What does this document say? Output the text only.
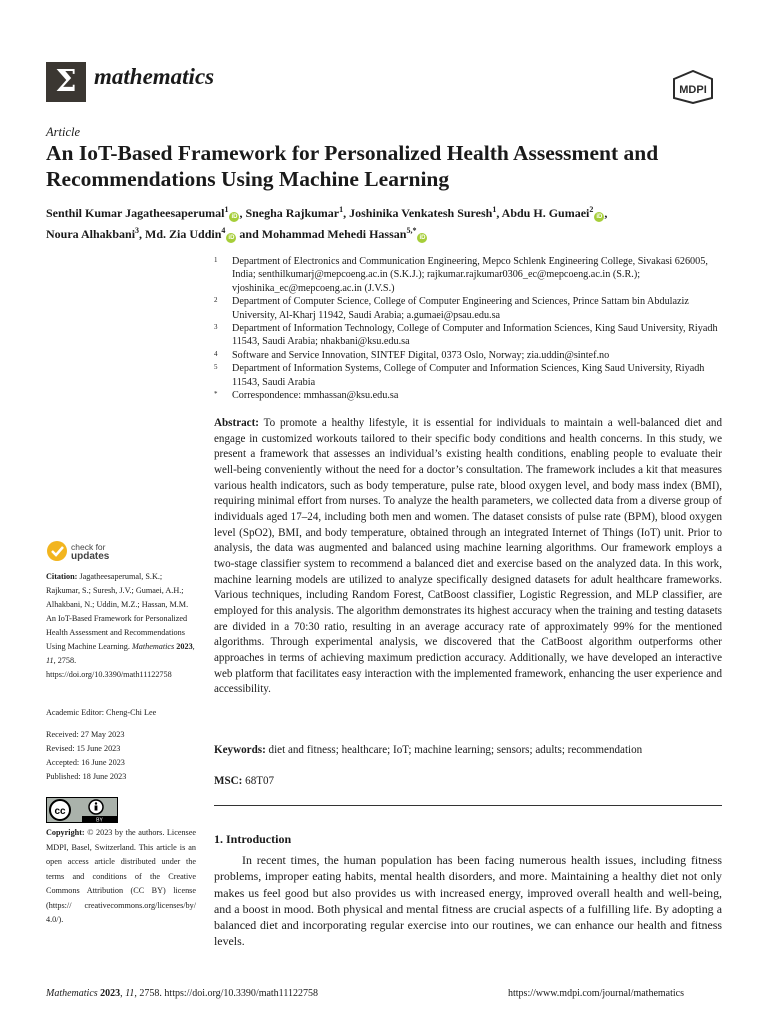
Σ mathematics
MDPI
Article
An IoT-Based Framework for Personalized Health Assessment and Recommendations Using Machine Learning
Senthil Kumar Jagatheesaperumal$^1$iD , Snegha Rajkumar$^1$, Joshinika Venkatesh Suresh$^1$, Abdu H. Gumaei$^2$iD ,
Noura Alhakbani$^3$, Md. Zia Uddin$^4$iD and Mohammad Mehedi Hassan$^{5,*}$iD
1	Department of Electronics and Communication Engineering, Mepco Schlenk Engineering College, Sivakasi 626005, India; senthilkumarj@mepcoeng.ac.in (S.K.J.); rajkumar.rajkumar0306_ec@mepcoeng.ac.in (S.R.); vjoshinika_ec@mepcoeng.ac.in (J.V.S.)
2	Department of Computer Science, College of Computer Engineering and Sciences, Prince Sattam bin Abdulaziz University, Al-Kharj 11942, Saudi Arabia; a.gumaei@psau.edu.sa
3	Department of Information Technology, College of Computer and Information Sciences, King Saud University, Riyadh 11543, Saudi Arabia; nhakbani@ksu.edu.sa
4	Software and Service Innovation, SINTEF Digital, 0373 Oslo, Norway; zia.uddin@sintef.no
5	Department of Information Systems, College of Computer and Information Sciences, King Saud University, Riyadh 11543, Saudi Arabia
*	Correspondence: mmhassan@ksu.edu.sa
Abstract: To promote a healthy lifestyle, it is essential for individuals to maintain a well-balanced diet and engage in customized workouts tailored to their specific body conditions and health concerns. In this study, we present a framework that assesses an individual’s existing health conditions, enabling people to evaluate their well-being conveniently without the need for a doctor’s consultation. The framework includes a kit that measures various health indicators, such as body temperature, pulse rate, blood oxygen level, and body mass index (BMI), requiring minimal effort from nurses. To analyze the health parameters, we collected data from a diverse group of individuals aged 17–24, including both men and women. The dataset consists of pulse rate (BPM), blood oxygen level (SpO2), BMI, and body temperature, obtained through an integrated Internet of Things (IoT) unit. Prior to analysis, the data was augmented and balanced using machine learning algorithms. Our framework employs a two-stage classifier system to recommend a balanced diet and exercise based on the analyzed data. In this work, machine learning models are utilized to analyze specifically designed datasets for adult healthcare frameworks. Various techniques, including Random Forest, CatBoost classifier, Logistic Regression, and MLP classifier, are employed for this analysis. The algorithm demonstrates its highest accuracy when the training and testing datasets are divided in a 70:30 ratio, resulting in an average accuracy rate of approximately 99% for the mentioned algorithms. Through experimental analysis, we discovered that the CatBoost algorithm outperforms other approaches in terms of achieving maximum prediction accuracy. Additionally, we have developed an interactive web platform that facilitates easy interaction with the implemented framework, enhancing the user experience and accessibility.
Keywords: diet and fitness; healthcare; IoT; machine learning; sensors; adults; recommendation
MSC: 68T07
1. Introduction
In recent times, the human population has been facing numerous health issues, including fitness problems, improper eating habits, mental health disorders, and more. Maintaining a healthy diet not only makes us feel good but also provides us with increased energy, improved overall health and well-being, and a boost in mood. Both physical and mental fitness are crucial aspects of a fulfilling life. By adopting a balanced diet and incorporating regular exercise into our routines, we can enhance our health and fitness levels.
check for
updates

Citation: Jagatheesaperumal, S.K.; Rajkumar, S.; Suresh, J.V.; Gumaei, A.H.; Alhakbani, N.; Uddin, M.Z.; Hassan, M.M. An IoT-Based Framework for Personalized Health Assessment and Recommendations Using Machine Learning. Mathematics 2023, 11, 2758. https://doi.org/10.3390/math11122758

Academic Editor: Cheng-Chi Lee

Received: 27 May 2023

Revised: 15 June 2023

Accepted: 16 June 2023

Published: 18 June 2023

cc
BY
Copyright: © 2023 by the authors. Licensee MDPI, Basel, Switzerland. This article is an open access article distributed under the terms and conditions of the Creative Commons Attribution (CC BY) license (https:// creativecommons.org/licenses/by/ 4.0/).
Mathematics 2023, 11, 2758. https://doi.org/10.3390/math11122758	https://www.mdpi.com/journal/mathematics
